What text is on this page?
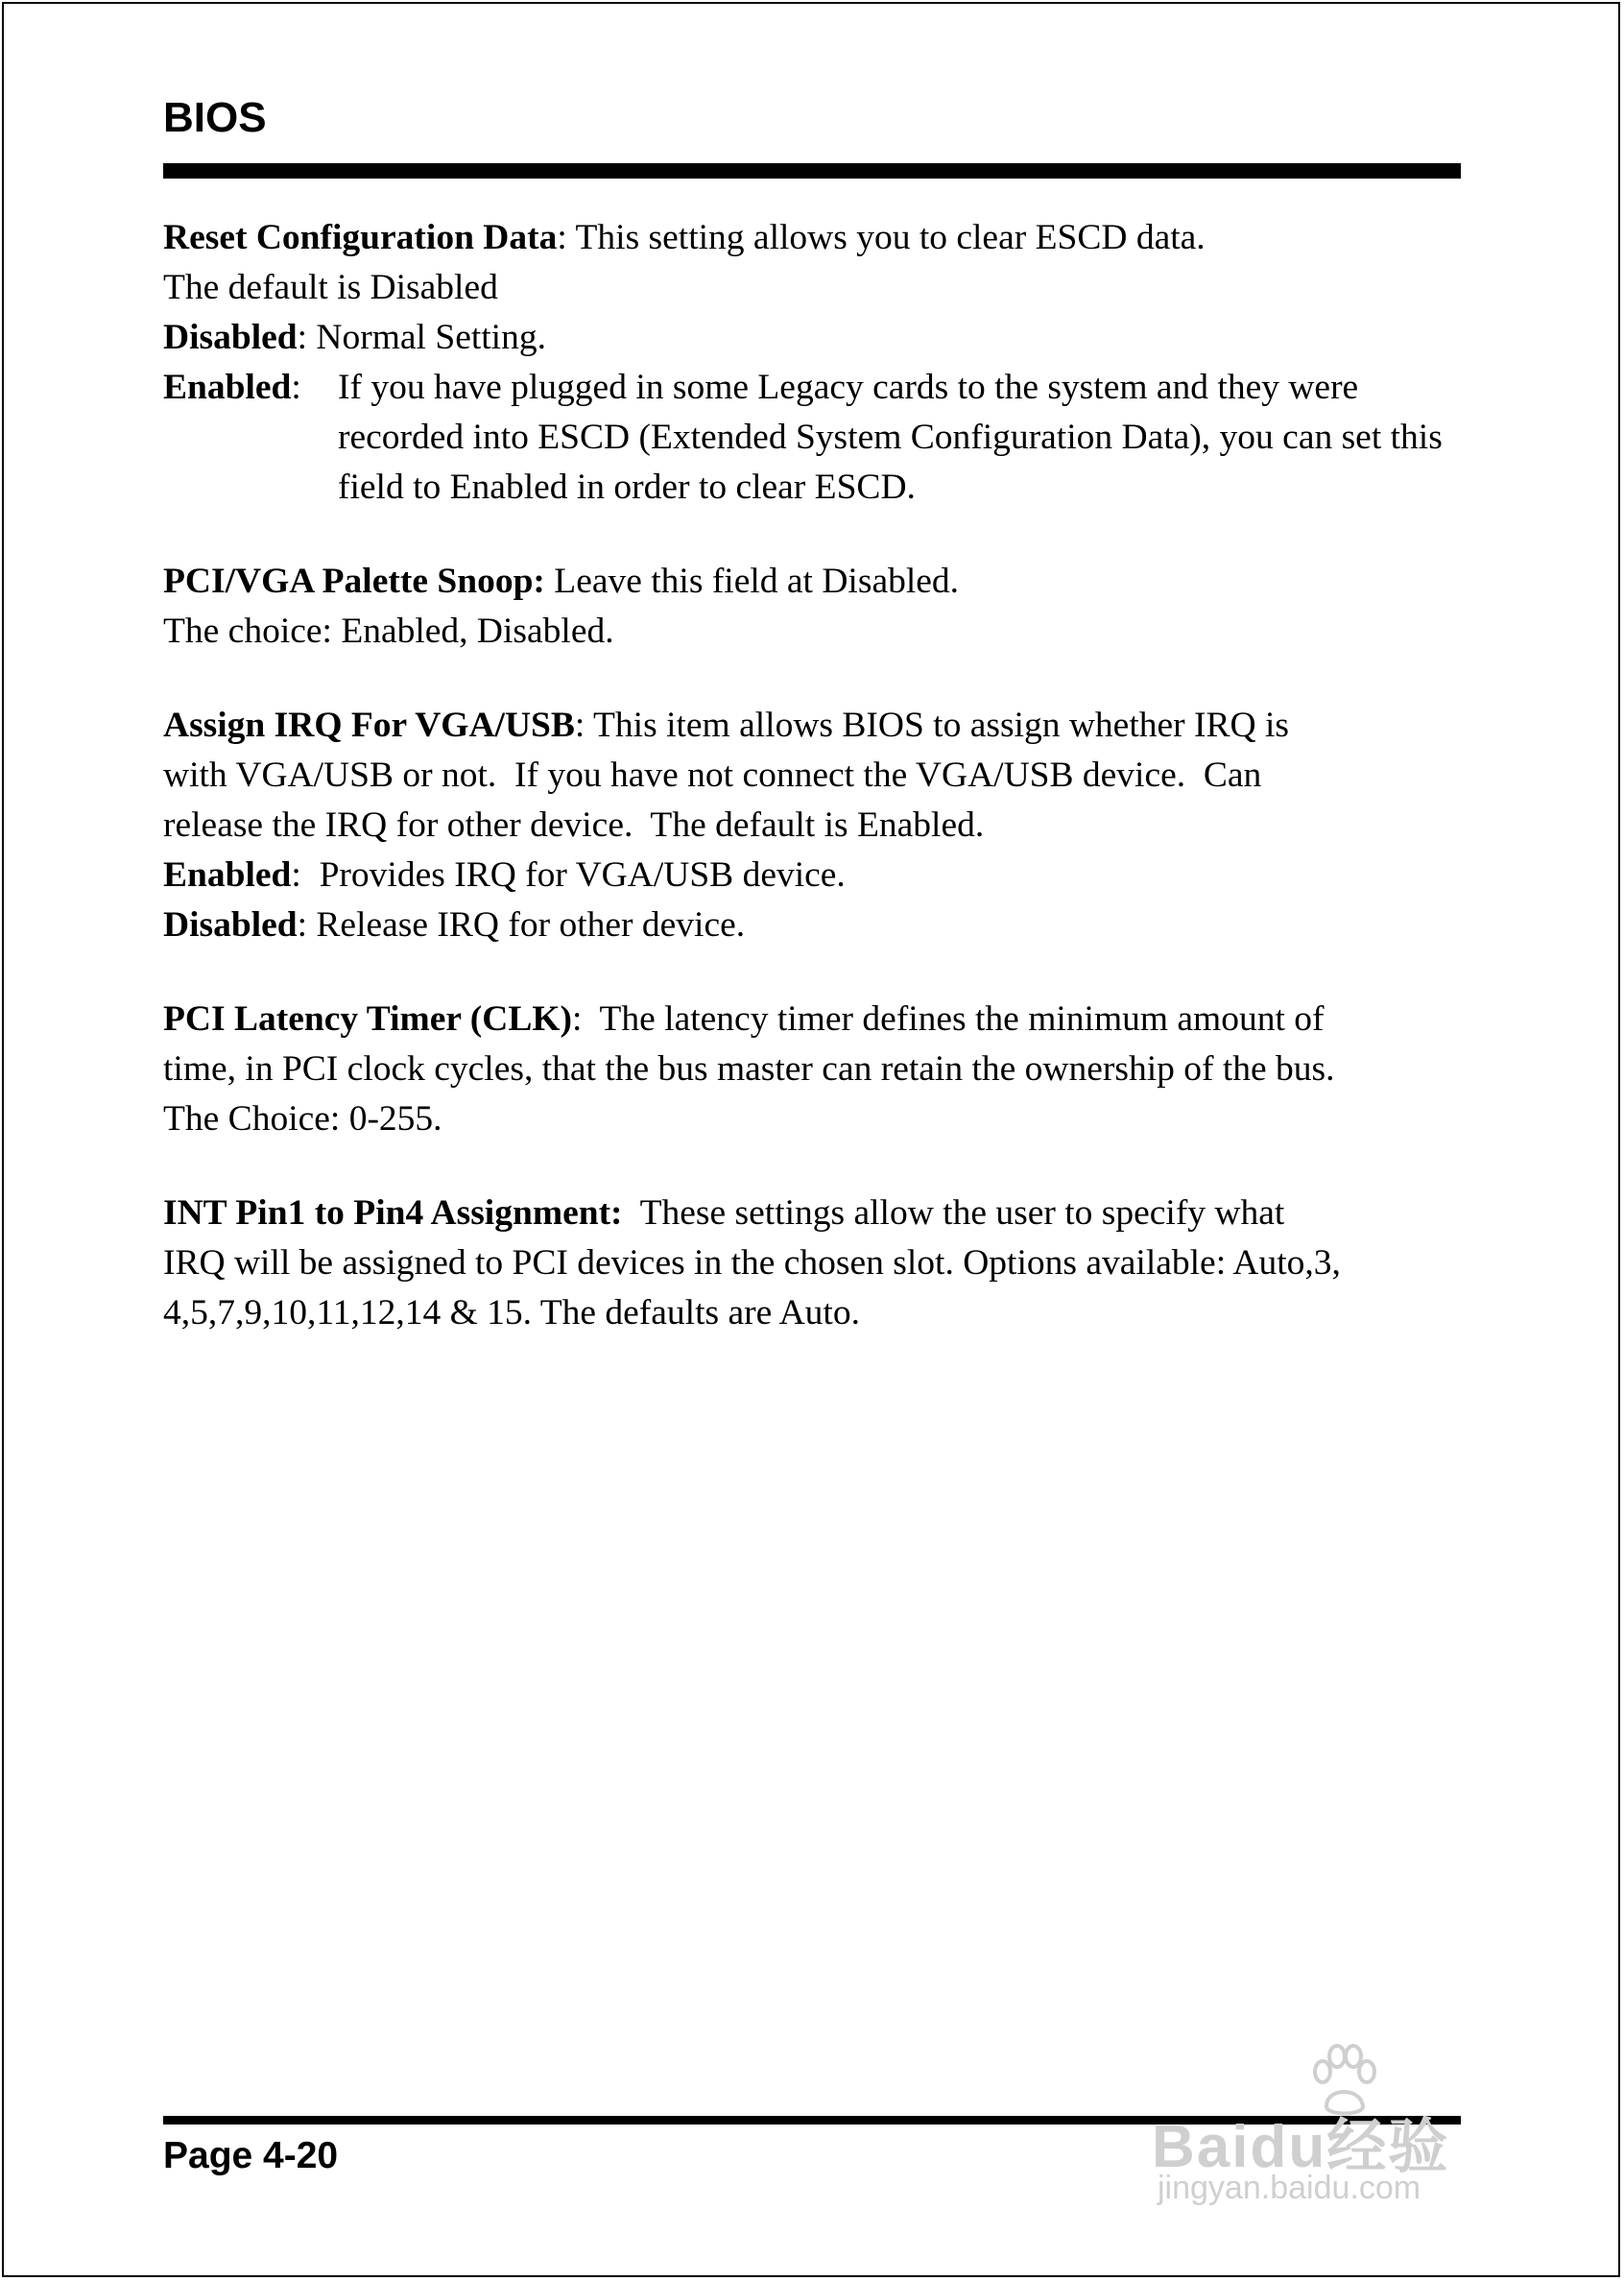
BIOS
Reset Configuration Data: This setting allows you to clear ESCD data.
The default is Disabled
Disabled: Normal Setting.
Enabled:	If you have plugged in some Legacy cards to the system and they were recorded into ESCD (Extended System Configuration Data), you can set this field to Enabled in order to clear ESCD.
PCI/VGA Palette Snoop: Leave this field at Disabled.
The choice: Enabled, Disabled.
Assign IRQ For VGA/USB: This item allows BIOS to assign whether IRQ is
with VGA/USB or not.  If you have not connect the VGA/USB device.  Can
release the IRQ for other device.  The default is Enabled.
Enabled:  Provides IRQ for VGA/USB device.
Disabled: Release IRQ for other device.
PCI Latency Timer (CLK):  The latency timer defines the minimum amount of
time, in PCI clock cycles, that the bus master can retain the ownership of the bus.
The Choice: 0-255.
INT Pin1 to Pin4 Assignment:  These settings allow the user to specify what
IRQ will be assigned to PCI devices in the chosen slot. Options available: Auto,3,
4,5,7,9,10,11,12,14 & 15. The defaults are Auto.
Page 4-20	Baidu经验
jingyan.baidu.com
